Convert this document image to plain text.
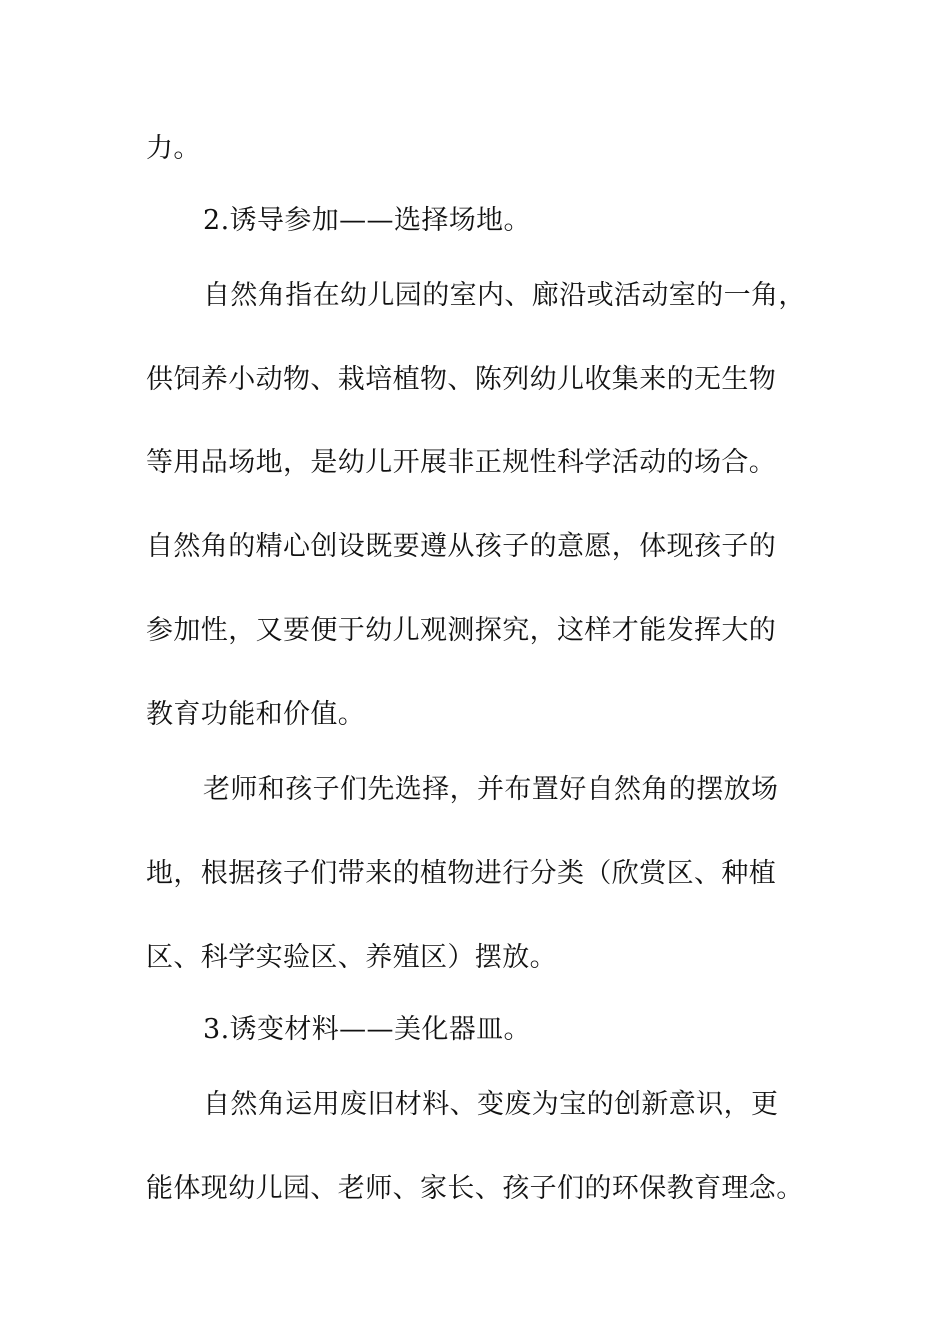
力。
2.诱导参加——选择场地。
自然角指在幼儿园的室内、廊沿或活动室的一角，
供饲养小动物、栽培植物、陈列幼儿收集来的无生物
等用品场地，是幼儿开展非正规性科学活动的场合。
自然角的精心创设既要遵从孩子的意愿，体现孩子的
参加性，又要便于幼儿观测探究，这样才能发挥大的
教育功能和价值。
老师和孩子们先选择，并布置好自然角的摆放场
地，根据孩子们带来的植物进行分类（欣赏区、种植
区、科学实验区、养殖区）摆放。
3.诱变材料——美化器皿。
自然角运用废旧材料、变废为宝的创新意识，更
能体现幼儿园、老师、家长、孩子们的环保教育理念。
